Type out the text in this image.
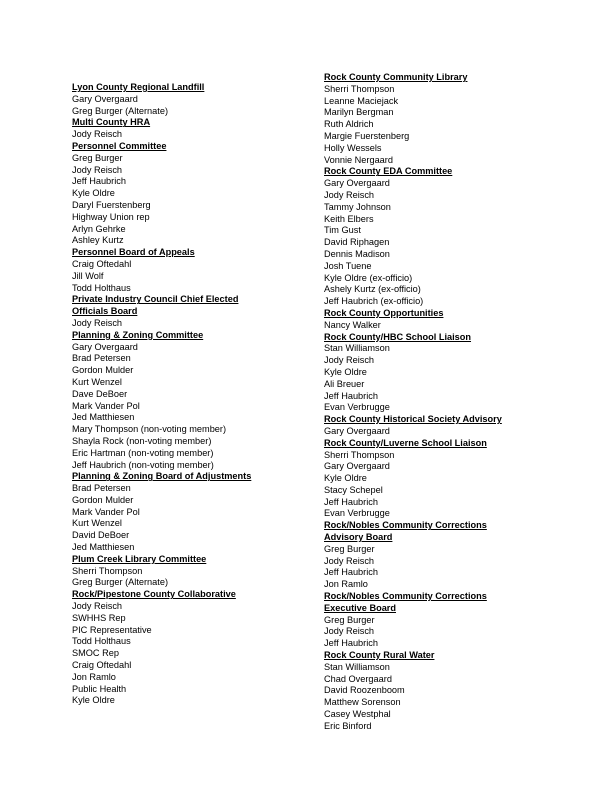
Lyon County Regional Landfill
Gary Overgaard
Greg Burger (Alternate)
Multi County HRA
Jody Reisch
Personnel Committee
Greg Burger
Jody Reisch
Jeff Haubrich
Kyle Oldre
Daryl Fuerstenberg
Highway Union rep
Arlyn Gehrke
Ashley Kurtz
Personnel Board of Appeals
Craig Oftedahl
Jill Wolf
Todd Holthaus
Private Industry Council Chief Elected
Officials Board
Jody Reisch
Planning & Zoning Committee
Gary Overgaard
Brad Petersen
Gordon Mulder
Kurt Wenzel
Dave DeBoer
Mark Vander Pol
Jed Matthiesen
Mary Thompson (non-voting member)
Shayla Rock (non-voting member)
Eric Hartman (non-voting member)
Jeff Haubrich (non-voting member)
Planning & Zoning Board of Adjustments
Brad Petersen
Gordon Mulder
Mark Vander Pol
Kurt Wenzel
David DeBoer
Jed Matthiesen
Plum Creek Library Committee
Sherri Thompson
Greg Burger (Alternate)
Rock/Pipestone County Collaborative
Jody Reisch
SWHHS Rep
PIC Representative
Todd Holthaus
SMOC Rep
Craig Oftedahl
Jon Ramlo
Public Health
Kyle Oldre
Rock County Community Library
Sherri Thompson
Leanne Maciejack
Marilyn Bergman
Ruth Aldrich
Margie Fuerstenberg
Holly Wessels
Vonnie Nergaard
Rock County EDA Committee
Gary Overgaard
Jody Reisch
Tammy Johnson
Keith Elbers
Tim Gust
David Riphagen
Dennis Madison
Josh Tuene
Kyle Oldre (ex-officio)
Ashely Kurtz (ex-officio)
Jeff Haubrich (ex-officio)
Rock County Opportunities
Nancy Walker
Rock County/HBC School Liaison
Stan Williamson
Jody Reisch
Kyle Oldre
Ali Breuer
Jeff Haubrich
Evan Verbrugge
Rock County Historical Society Advisory
Gary Overgaard
Rock County/Luverne School Liaison
Sherri Thompson
Gary Overgaard
Kyle Oldre
Stacy Schepel
Jeff Haubrich
Evan Verbrugge
Rock/Nobles Community Corrections
Advisory Board
Greg Burger
Jody Reisch
Jeff Haubrich
Jon Ramlo
Rock/Nobles Community Corrections
Executive Board
Greg Burger
Jody Reisch
Jeff Haubrich
Rock County Rural Water
Stan Williamson
Chad Overgaard
David Roozenboom
Matthew Sorenson
Casey Westphal
Eric Binford
